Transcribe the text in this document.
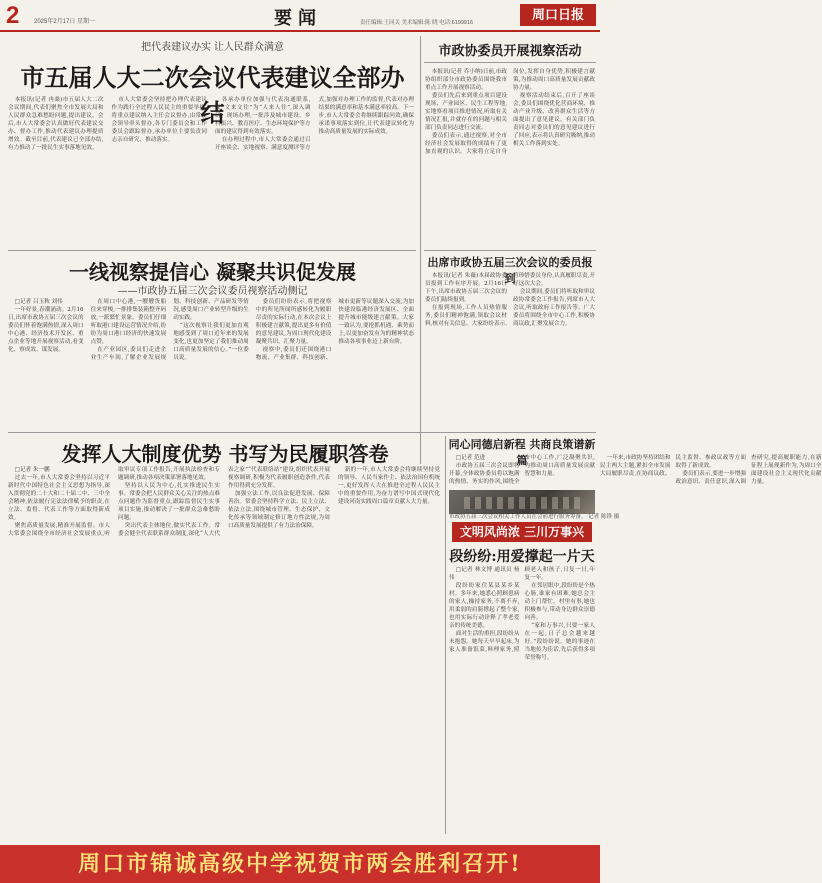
2 2025年2月17日 星期一	要闻	责任编辑:王同关 美术编辑:陈 晓 电话:6199916
周口日报
把代表建议办实 让人民群众满意
市五届人大二次会议代表建议全部办结

本报讯(记者 冉桑)市五届人大二次会议期间,代表们聚焦全市发展大局和人民群众急难愁盼问题,提出建议。会后,市人大常委会认真做好代表建议交办、督办工作,推动代表建议办理提质增效。截至目前,代表建议已全部办结,有力推动了一批民生实事落地见效。

市人大常委会坚持把办理代表建议作为践行全过程人民民主的重要举措,将重点建议纳入主任会议督办,由常委会领导牵头督办,各专门委员会和工作委员会跟踪督办,承办单位主要负责同志亲自研究、推动落实。

各承办单位加强与代表沟通联系,变“文来文往”为“人来人往”,深入调研、现场办理,一批涉及城市建设、乡村振兴、教育医疗、生态环境保护等方面的建议得到有效落实。

在办理过程中,市人大常委会通过召开座谈会、实地视察、满意度测评等方式,加强对办理工作的监督,代表对办理结果的满意率和基本满意率较高。下一步,市人大常委会将继续跟踪问效,确保承诺事项落实到位,让代表建议转化为推动高质量发展的实际成效。

市政协委员开展视察活动

本报讯(记者 乔小纳)日前,市政协组织部分市政协委员围绕我市重点工作开展视察活动。

委员们先后来到重点项目建设现场、产业园区、民生工程等地,实地察看项目推进情况,听取有关情况汇报,并就存在的问题与相关部门负责同志进行交流。

委员们表示,通过视察,对全市经济社会发展取得的成绩有了更加直观的认识。大家将立足自身岗位,发挥自身优势,积极建言献策,为推动周口高质量发展贡献政协力量。

视察活动结束后,召开了座谈会,委员们围绕优化营商环境、推动产业升级、改善群众生活等方面提出了意见建议。有关部门负责同志对委员们的意见建议进行了回应,表示将认真研究吸纳,推动相关工作落到实处。

出席市政协五届三次会议的委员报到

本报讯(记者 朱薇)本届政协委员报到工作有序开展。2月16日下午,出席市政协五届三次会议的委员们陆续报到。

在报到现场,工作人员热情服务,委员们精神饱满,领取会议材料,核对有关信息。大家纷纷表示,将珍惜委员身份,认真履职尽责,开好这次大会。

会议期间,委员们将听取和审议政协常委会工作报告,列席市人大会议,听取政府工作报告等。广大委员将围绕全市中心工作,积极协商议政,汇聚发展合力。

一线视察提信心 凝聚共识促发展
——市政协五届三次会议委员视察活动侧记

□记者 吕玉秋 刘伟

一年好景,春潮涌动。2月16日,出席市政协五届三次会议的委员们怀着饱满热情,深入周口中心港、经济技术开发区、重点企业等地开展视察活动,看变化、察成效、谋发展。

在周口中心港,一艘艘货船往来穿梭,一排排集装箱整齐码放,一派繁忙景象。委员们仔细听取港口建设运营情况介绍,纷纷为周口港口经济的快速发展点赞。

在产业园区,委员们走进企业生产车间,了解企业发展规划、科技创新、产品研发等情况,感受周口产业转型升级的生动实践。

“这次视察让我们更加直观地感受到了周口近年来的发展变化,也更加坚定了我们推动周口高质量发展的信心。”一位委员说。

委员们纷纷表示,将把视察中的所见所闻所感转化为履职尽责的实际行动,在本次会议上积极建言献策,提出更多有价值的意见建议,为周口现代化建设凝聚共识、汇聚力量。

视察中,委员们还围绕港口物流、产业集群、科技创新、城市更新等议题深入交流,为加快建设临港经济发展区、全面提升城市能级建言献策。大家一致认为,要抢抓机遇、乘势而上,以更加奋发有为的精神状态推动各项事业迈上新台阶。

同心同德启新程 共商良策谱新篇

□记者 范进

市政协五届三次会议即将开幕,全体政协委员将以饱满的热情、务实的作风,围绕全市中心工作,广泛凝聚共识,为推动周口高质量发展贡献智慧和力量。

一年来,市政协坚持团结和民主两大主题,紧扣全市发展大局履职尽责,在协商议政、民主监督、参政议政等方面取得了新成效。

委员们表示,要进一步增强政治意识、责任意识,深入调查研究,提高履职能力,在新征程上展现新作为,为周口全面建设社会主义现代化贡献力量。

市政协五届三次会议相关工作人员在会前进行服务筹备。 记者 陈锋 摄
发挥人大制度优势 书写为民履职答卷

□记者 朱一鹏

过去一年,市人大常委会坚持以习近平新时代中国特色社会主义思想为指导,深入贯彻党的二十大和二十届二中、三中全会精神,依法履行宪法法律赋予的职责,在立法、监督、代表工作等方面取得新成效。

聚焦高质量发展,精准开展监督。市人大常委会围绕全市经济社会发展重点,听取审议专项工作报告,开展执法检查和专题调研,推动各项决策部署落地见效。

坚持以人民为中心,扎实推进民生实事。常委会把人民群众关心关注的热点难点问题作为监督重点,跟踪监督民生实事项目实施,推动解决了一批群众急难愁盼问题。

突出代表主体地位,做实代表工作。常委会健全代表联系群众制度,深化“人大代表之家”“代表联络站”建设,组织代表开展视察调研,积极为代表履职创造条件,代表作用得到充分发挥。

加强立法工作,以良法促进发展、保障善治。常委会坚持科学立法、民主立法、依法立法,围绕城市管理、生态保护、文化传承等领域制定修订地方性法规,为周口高质量发展提供了有力法治保障。

新的一年,市人大常委会将继续坚持党的领导、人民当家作主、依法治国有机统一,更好发挥人大在推进全过程人民民主中的重要作用,为奋力谱写中国式现代化建设河南实践周口篇章贡献人大力量。

文明风尚浓 三川万事兴
段纷纷:用爱撑起一片天

□记者 林文博 通讯员 杨伟

段纷纷家住某县某乡某村。多年来,她悉心照顾患病的家人,操持家务,不离不弃,用柔弱的肩膀撑起了整个家,也用实际行动诠释了孝老爱亲的传统美德。

面对生活的重担,段纷纷从未抱怨。她每天早早起床,为家人准备饭菜,料理家务,照顾老人和孩子,日复一日,年复一年。

在邻居眼中,段纷纷是个热心肠,谁家有困难,她总会主动上门帮忙。村里有事,她也积极参与,带动身边群众崇德向善。

“家和万事兴,只要一家人在一起,日子总会越来越好。”段纷纷说。她的事迹在当地传为佳话,先后获得多项荣誉称号。

周口市锦诚高级中学祝贺市两会胜利召开!
